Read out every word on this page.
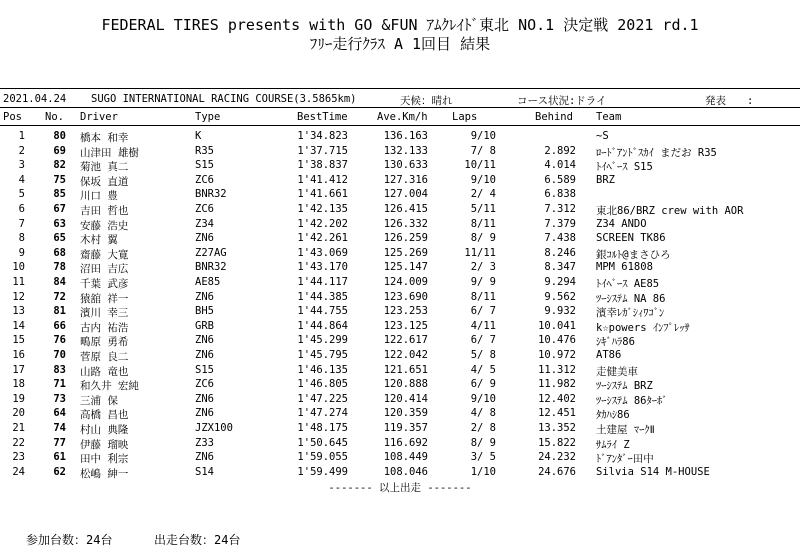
FEDERAL TIRES presents with GO &FUN ｱﾑｸﾚｲﾄﾞ東北 NO.1 決定戦 2021 rd.1
ﾌﾘｰ走行ｸﾗｽ A 1回目 結果
2021.04.24 SUGO INTERNATIONAL RACING COURSE(3.5865km)	天候：晴れ	コース状況:ドライ	発表　　:
Pos No. Driver	Type	BestTime	Ave.Km/h Laps	Behind Team
1	80 橋本 和幸	K	1'34.823	136.163	9/10	~S
2	69 山津田 雄樹	R35	1'37.715	132.133	7/ 8	2.892 ﾛｰﾄﾞｱﾝﾄﾞｽｶｲ まだお R35
3	82 菊池 真二	S15	1'38.837	130.633	10/11	4.014 ﾄｲﾍﾞｰｽ S15
4	75 保坂 直道	ZC6	1'41.412	127.316	9/10	6.589 BRZ
5	85 川口 豊	BNR32	1'41.661	127.004	2/ 4	6.838
6	67 吉田 哲也	ZC6	1'42.135	126.415	5/11	7.312 東北86/BRZ crew with AOR
7	63 安藤 浩史	Z34	1'42.202	126.332	8/11	7.379 Z34 ANDO
8	65 木村 翼	ZN6	1'42.261	126.259	8/ 9	7.438 SCREEN TK86
9	68 齋藤 大寛	Z27AG	1'43.069	125.269	11/11	8.246 銀ｺﾙﾄ@まさひろ
10	78 沼田 吉広	BNR32	1'43.170	125.147	2/ 3	8.347 MPM 61808
11	84 千葉 武彦	AE85	1'44.117	124.009	9/ 9	9.294 ﾄｲﾍﾞｰｽ AE85
12	72 猿舘 祥一	ZN6	1'44.385	123.690	8/11	9.562 ﾂｰｼｽﾃﾑ NA 86
13	81 濱川 幸三	BH5	1'44.755	123.253	6/ 7	9.932 濱幸ﾚｶﾞｼｨﾜｺﾞﾝ
14	66 古内 祐浩	GRB	1'44.864	123.125	4/11	10.041 k☆powers ｲﾝﾌﾟﾚｯｻ
15	76 鴫原 勇希	ZN6	1'45.299	122.617	6/ 7	10.476 ｼｷﾞﾊﾗ86
16	70 菅原 良二	ZN6	1'45.795	122.042	5/ 8	10.972 AT86
17	83 山路 竜也	S15	1'46.135	121.651	4/ 5	11.312 走健美車
18	71 和久井 宏純	ZC6	1'46.805	120.888	6/ 9	11.982 ﾂｰｼｽﾃﾑ BRZ
19	73 三浦 保	ZN6	1'47.225	120.414	9/10	12.402 ﾂｰｼｽﾃﾑ 86ﾀｰﾎﾞ
20	64 高橋 昌也	ZN6	1'47.274	120.359	4/ 8	12.451 ﾀｶﾊｼ86
21	74 村山 典隆	JZX100	1'48.175	119.357	2/ 8	13.352 土建屋 ﾏｰｸⅡ
22	77 伊藤 瑠映	Z33	1'50.645	116.692	8/ 9	15.822 ｻﾑﾗｲ Z
23	61 田中 利宗	ZN6	1'59.055	108.449	3/ 5	24.232 ﾄﾞｱﾝﾀﾞｰ田中
24	62 松嶋 紳一	S14	1'59.499	108.046	1/10	24.676 Silvia S14 M-HOUSE
------- 以上出走 -------
参加台数：24台	出走台数：24台
